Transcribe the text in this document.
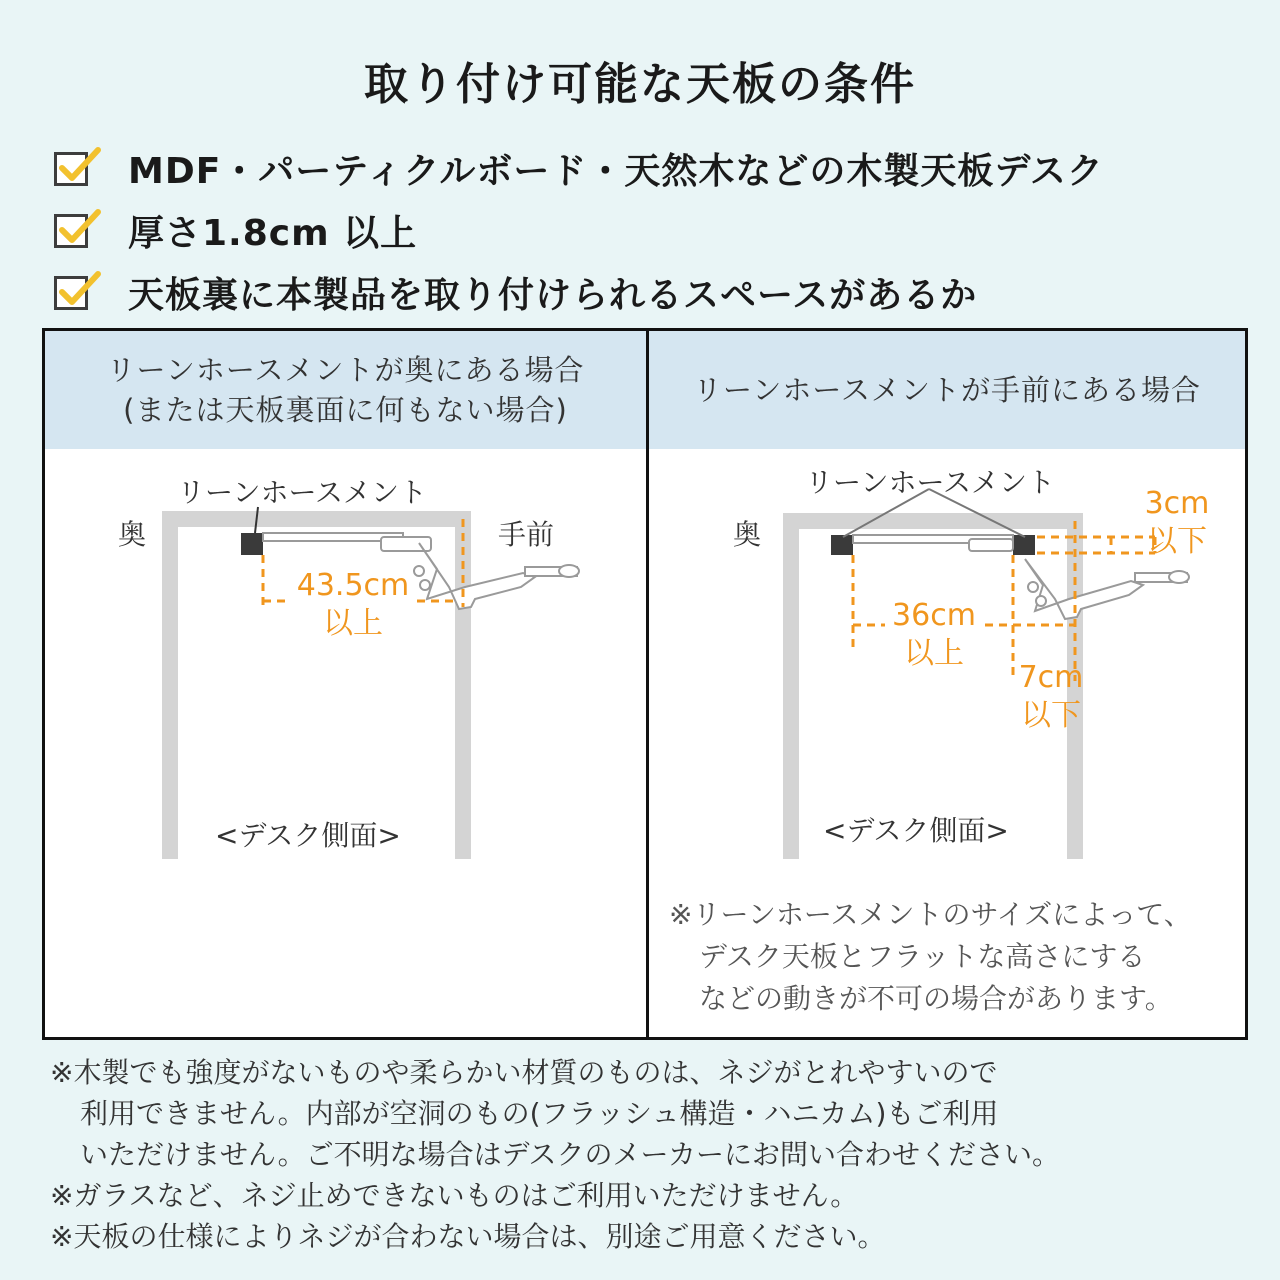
取り付け可能な天板の条件
MDF・パーティクルボード・天然木などの木製天板デスク
厚さ1.8cm 以上
天板裏に本製品を取り付けられるスペースがあるか
リーンホースメントが奥にある場合
(または天板裏面に何もない場合)
リーンホースメントが手前にある場合
リーンホースメント
奥	手前
43.5cm
以上
<デスク側面>
リーンホースメント
奥
3cm
以下
36cm
以上
7cm
以下
<デスク側面>
※リーンホースメントのサイズによって、
デスク天板とフラットな高さにする
などの動きが不可の場合があります。
※木製でも強度がないものや柔らかい材質のものは、ネジがとれやすいので
利用できません。内部が空洞のもの(フラッシュ構造・ハニカム)もご利用
いただけません。ご不明な場合はデスクのメーカーにお問い合わせください。
※ガラスなど、ネジ止めできないものはご利用いただけません。
※天板の仕様によりネジが合わない場合は、別途ご用意ください。
